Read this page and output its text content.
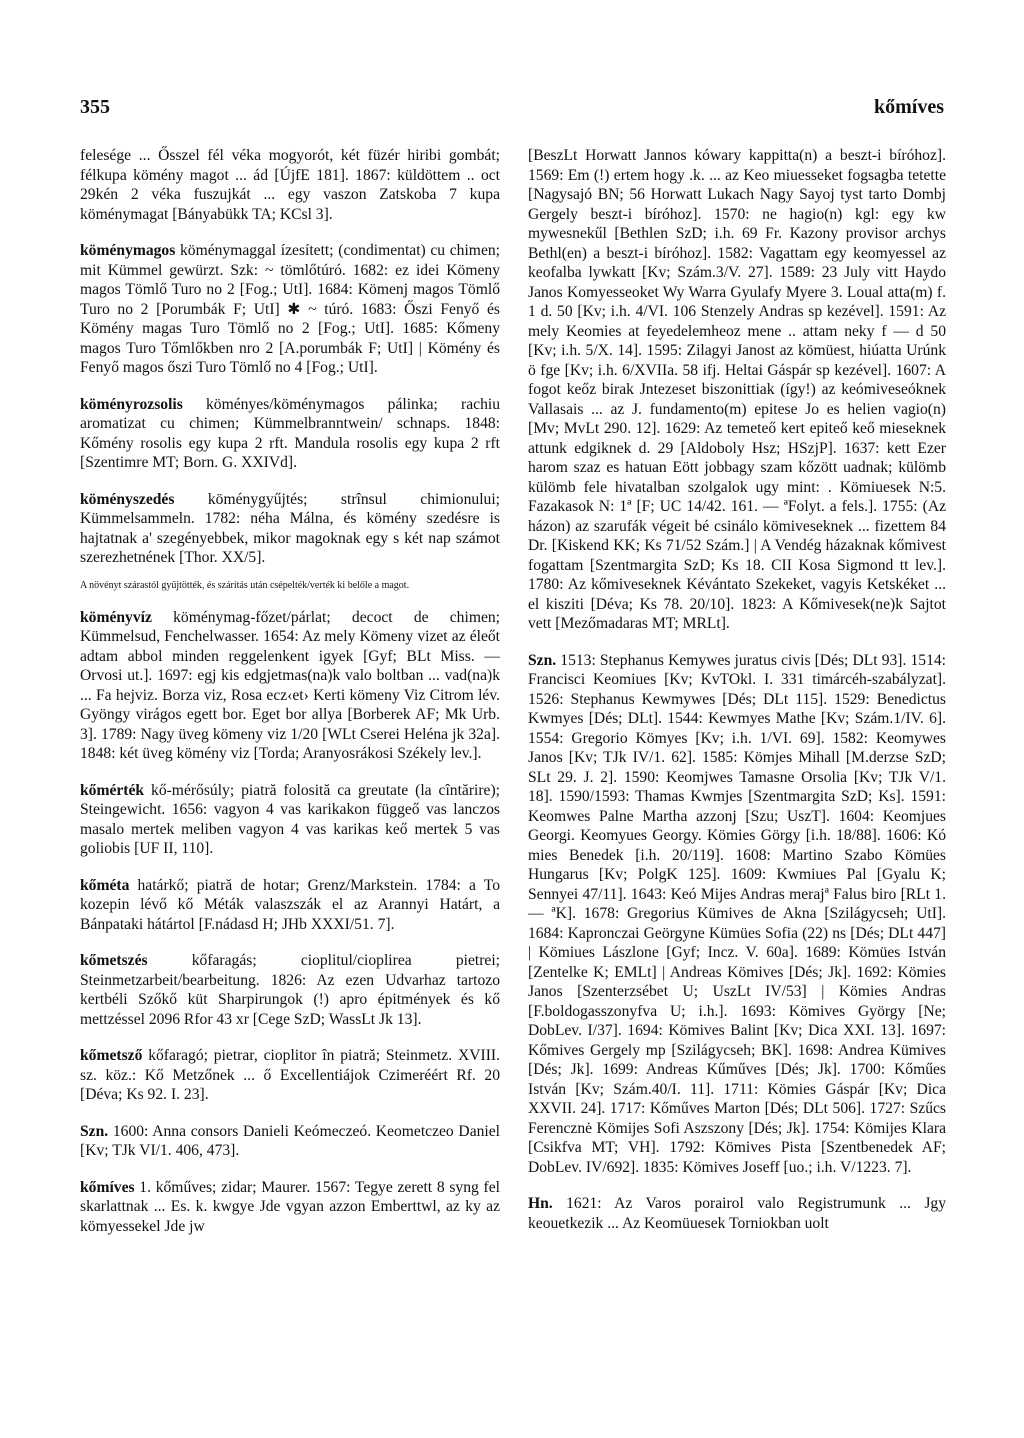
355	kőmíves

felesége ... Ősszel fél véka mogyorót, két füzér hiribi gombát; félkupa kömény magot ... ád [ÚjfE 181]. 1867: küldöttem .. oct 29kén 2 véka fuszujkát ... egy vaszon Zatskoba 7 kupa köménymagat [Bányabükk TA; KCsl 3].

köménymagos köménymaggal ízesített; (condimentat) cu chimen; mit Kümmel gewürzt. Szk: ~ tömlőtúró. 1682: ez idei Kömeny magos Tömlő Turo no 2 [Fog.; UtI]. 1684: Kömenj magos Tömlő Turo no 2 [Porumbák F; UtI] ✱ ~ túró. 1683: Őszi Fenyő és Kömény magas Turo Tömlő no 2 [Fog.; UtI]. 1685: Kőmeny magos Turo Tőmlőkben nro 2 [A.porumbák F; UtI] | Kömény és Fenyő magos őszi Turo Tömlő no 4 [Fog.; UtI].

köményrozsolis köményes/köménymagos pálinka; rachiu aromatizat cu chimen; Kümmelbranntwein/ schnaps. 1848: Kőmény rosolis egy kupa 2 rft. Mandula rosolis egy kupa 2 rft [Szentimre MT; Born. G. XXIVd].

köményszedés köménygyűjtés; strînsul chimionului; Kümmelsammeln. 1782: néha Málna, és kömény szedésre is hajtatnak a' szegényebbek, mikor magoknak egy s két nap számot szerezhetnének [Thor. XX/5].

A növényt szárastól gyűjtötték, és szárítás után csépelték/verték ki belőle a magot.

köményvíz köménymag-főzet/párlat; decoct de chimen; Kümmelsud, Fenchelwasser. 1654: Az mely Kömeny vizet az éleőt adtam abbol minden reggelenkent igyek [Gyf; BLt Miss. — Orvosi ut.]. 1697: egj kis edgjetmas(na)k valo boltban ... vad(na)k ... Fa hejviz. Borza viz, Rosa ecz‹et› Kerti kömeny Viz Citrom lév. Gyöngy virágos egett bor. Eget bor allya [Borberek AF; Mk Urb. 3]. 1789: Nagy üveg kömeny viz 1/20 [WLt Cserei Heléna jk 32a]. 1848: két üveg kömény viz [Torda; Aranyosrákosi Székely lev.].

kőmérték kő-mérősúly; piatră folosită ca greutate (la cîntărire); Steingewicht. 1656: vagyon 4 vas karikakon függeő vas lanczos masalo mertek meliben vagyon 4 vas karikas keő mertek 5 vas goliobis [UF II, 110].

kőméta határkő; piatră de hotar; Grenz/Markstein. 1784: a To kozepin lévő kő Méták valaszszák el az Arannyi Határt, a Bánpataki hátártol [F.nádasd H; JHb XXXI/51. 7].

kőmetszés kőfaragás; cioplitul/cioplirea pietrei; Steinmetzarbeit/bearbeitung. 1826: Az ezen Udvarhaz tartozo kertbéli Szőkő küt Sharpirungok (!) apro épitmények és kő mettzéssel 2096 Rfor 43 xr [Cege SzD; WassLt Jk 13].

kőmetsző kőfaragó; pietrar, cioplitor în piatră; Steinmetz. XVIII. sz. köz.: Kő Metzőnek ... ő Excellentiájok Czimeréért Rf. 20 [Déva; Ks 92. I. 23].

Szn. 1600: Anna consors Danieli Keómeczeó. Keometczeo Daniel [Kv; TJk VI/1. 406, 473].

kőmíves 1. kőműves; zidar; Maurer. 1567: Tegye zerett 8 syng fel skarlattnak ... Es. k. kwgye Jde vgyan azzon Emberttwl, az ky az kömyessekel Jde jw

[BeszLt Horwatt Jannos kówary kappitta(n) a beszt-i bíróhoz]. 1569: Em (!) ertem hogy .k. ... az Keo miuesseket fogsagba tetette [Nagysajó BN; 56 Horwatt Lukach Nagy Sayoj tyst tarto Dombj Gergely beszt-i bíróhoz]. 1570: ne hagio(n) kgl: egy kw mywesnekűl [Bethlen SzD; i.h. 69 Fr. Kazony provisor archys Bethl(en) a beszt-i bíróhoz]. 1582: Vagattam egy keomyessel az keofalba lywkatt [Kv; Szám.3/V. 27]. 1589: 23 July vitt Haydo Janos Komyesseoket Wy Warra Gyulafy Myere 3. Loual atta(m) f. 1 d. 50 [Kv; i.h. 4/VI. 106 Stenzely Andras sp kezével]. 1591: Az mely Keomies at feyedelemheoz mene .. attam neky f — d 50 [Kv; i.h. 5/X. 14]. 1595: Zilagyi Janost az kömüest, hiúatta Urúnk ö fge [Kv; i.h. 6/XVIIa. 58 ifj. Heltai Gáspár sp kezével]. 1607: A fogot keőz birak Jntezeset biszonittiak (így!) az keómiveseóknek Vallasais ... az J. fundamento(m) epitese Jo es helien vagio(n) [Mv; MvLt 290. 12]. 1629: Az temeteő kert epiteő keő mieseknek attunk edgiknek d. 29 [Aldoboly Hsz; HSzjP]. 1637: kett Ezer harom szaz es hatuan Eött jobbagy szam kőzött uadnak; külömb külömb fele hivatalban szolgalok ugy mint: . Kömiuesek N:5. Fazakasok N: 1ª [F; UC 14/42. 161. — ªFolyt. a fels.]. 1755: (Az házon) az szarufák végeit bé csinálo kömiveseknek ... fizettem 84 Dr. [Kiskend KK; Ks 71/52 Szám.] | A Vendég házaknak kőmivest fogattam [Szentmargita SzD; Ks 18. CII Kosa Sigmond tt lev.]. 1780: Az kőmiveseknek Kévántato Szekeket, vagyis Ketskéket ... el kisziti [Déva; Ks 78. 20/10]. 1823: A Kőmivesek(ne)k Sajtot vett [Mezőmadaras MT; MRLt].

Szn. 1513: Stephanus Kemywes juratus civis [Dés; DLt 93]. 1514: Francisci Keomiues [Kv; KvTOkl. I. 331 timárcéh-szabályzat]. 1526: Stephanus Kewmywes [Dés; DLt 115]. 1529: Benedictus Kwmyes [Dés; DLt]. 1544: Kewmyes Mathe [Kv; Szám.1/IV. 6]. 1554: Gregorio Kömyes [Kv; i.h. 1/VI. 69]. 1582: Keomywes Janos [Kv; TJk IV/1. 62]. 1585: Kömjes Mihall [M.derzse SzD; SLt 29. J. 2]. 1590: Keomjwes Tamasne Orsolia [Kv; TJk V/1. 18]. 1590/1593: Thamas Kwmjes [Szentmargita SzD; Ks]. 1591: Keomwes Palne Martha azzonj [Szu; UszT]. 1604: Keomjues Georgi. Keomyues Georgy. Kömies Görgy [i.h. 18/88]. 1606: Kó mies Benedek [i.h. 20/119]. 1608: Martino Szabo Kömües Hungarus [Kv; PolgK 125]. 1609: Kwmiues Pal [Gyalu K; Sennyei 47/11]. 1643: Keó Mijes Andras merajª Falus biro [RLt 1. — ªK]. 1678: Gregorius Kümives de Akna [Szilágycseh; UtI]. 1684: Kapronczai Geörgyne Kümües Sofia (22) ns [Dés; DLt 447] | Kömiues Lászlone [Gyf; Incz. V. 60a]. 1689: Kömües István [Zentelke K; EMLt] | Andreas Kömives [Dés; Jk]. 1692: Kömies Janos [Szenterzsébet U; UszLt IV/53] | Kömies Andras [F.boldogasszonyfva U; i.h.]. 1693: Kömives György [Ne; DobLev. I/37]. 1694: Kömives Balint [Kv; Dica XXI. 13]. 1697: Kőmives Gergely mp [Szilágycseh; BK]. 1698: Andrea Kümives [Dés; Jk]. 1699: Andreas Kűműves [Dés; Jk]. 1700: Kőműes István [Kv; Szám.40/I. 11]. 1711: Kömies Gáspár [Kv; Dica XXVII. 24]. 1717: Kőműves Marton [Dés; DLt 506]. 1727: Szűcs Ferencznė Kömijes Sofi Aszszony [Dés; Jk]. 1754: Kömijes Klara [Csikfva MT; VH]. 1792: Kömives Pista [Szentbenedek AF; DobLev. IV/692]. 1835: Kömives Joseff [uo.; i.h. V/1223. 7].

Hn. 1621: Az Varos porairol valo Registrumunk ... Jgy keouetkezik ... Az Keomüuesek Torniokban uolt
